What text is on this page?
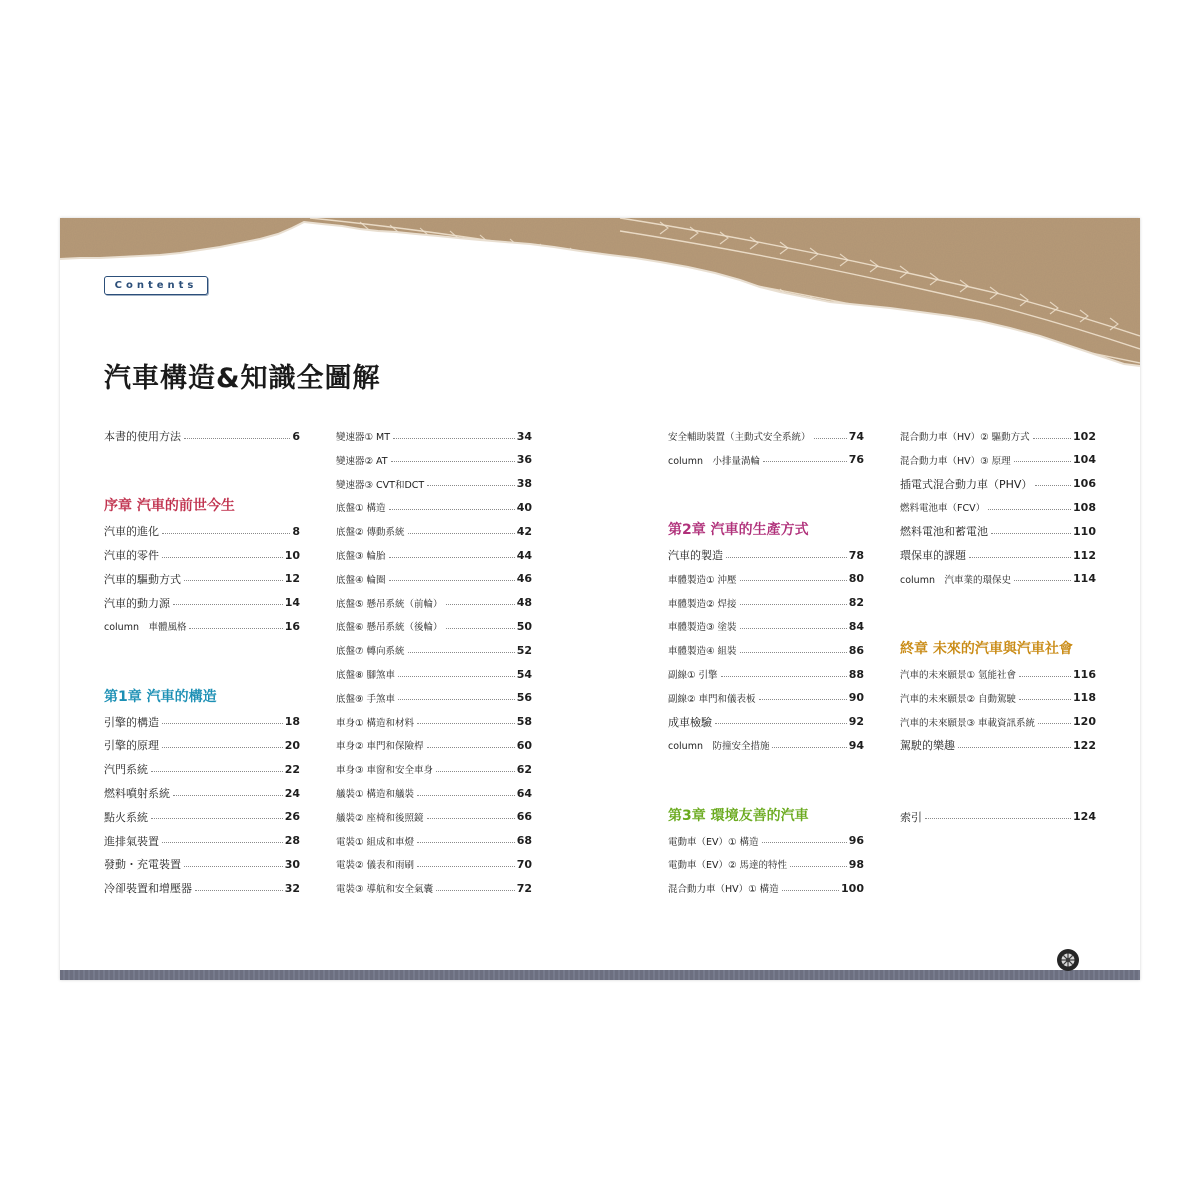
Contents
汽車構造&知識全圖解
本書的使用方法	6
序章 汽車的前世今生
汽車的進化	8
汽車的零件	10
汽車的驅動方式	12
汽車的動力源	14
column　車體風格	16
第1章 汽車的構造
引擎的構造	18
引擎的原理	20
汽門系統	22
燃料噴射系統	24
點火系統	26
進排氣裝置	28
發動・充電裝置	30
冷卻裝置和增壓器	32
變速器① MT	34
變速器② AT	36
變速器③ CVT和DCT	38
底盤① 構造	40
底盤② 傳動系統	42
底盤③ 輪胎	44
底盤④ 輪圈	46
底盤⑤ 懸吊系統（前輪）	48
底盤⑥ 懸吊系統（後輪）	50
底盤⑦ 轉向系統	52
底盤⑧ 腳煞車	54
底盤⑨ 手煞車	56
車身① 構造和材料	58
車身② 車門和保險桿	60
車身③ 車窗和安全車身	62
艤裝① 構造和艤裝	64
艤裝② 座椅和後照鏡	66
電裝① 組成和車燈	68
電裝② 儀表和雨刷	70
電裝③ 導航和安全氣囊	72
安全輔助裝置（主動式安全系統）	74
column　小排量渦輪	76
第2章 汽車的生產方式
汽車的製造	78
車體製造① 沖壓	80
車體製造② 焊接	82
車體製造③ 塗裝	84
車體製造④ 組裝	86
副線① 引擎	88
副線② 車門和儀表板	90
成車檢驗	92
column　防撞安全措施	94
第3章 環境友善的汽車
電動車（EV）① 構造	96
電動車（EV）② 馬達的特性	98
混合動力車（HV）① 構造	100
混合動力車（HV）② 驅動方式	102
混合動力車（HV）③ 原理	104
插電式混合動力車（PHV）	106
燃料電池車（FCV）	108
燃料電池和蓄電池	110
環保車的課題	112
column　汽車業的環保史	114
終章 未來的汽車與汽車社會
汽車的未來願景① 氫能社會	116
汽車的未來願景② 自動駕駛	118
汽車的未來願景③ 車載資訊系統	120
駕駛的樂趣	122
索引	124
